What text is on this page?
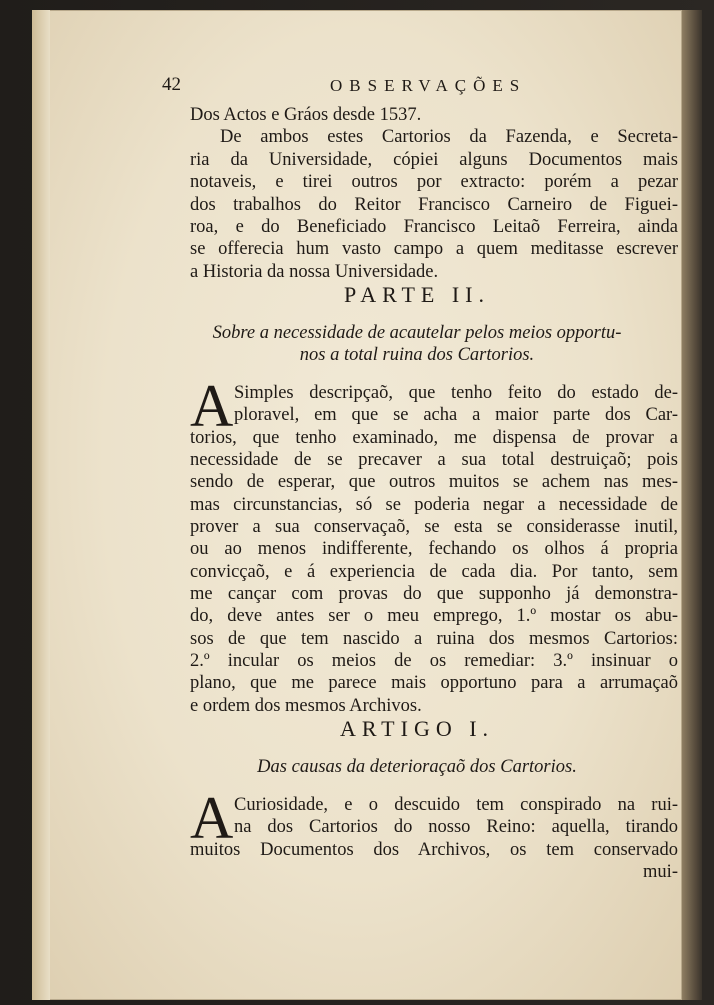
42	OBSERVAÇÕES
Dos Actos e Gráos desde 1537.
De ambos estes Cartorios da Fazenda, e Secreta-
ria da Universidade, cópiei alguns Documentos mais
notaveis, e tirei outros por extracto: porém a pezar
dos trabalhos do Reitor Francisco Carneiro de Figuei-
roa, e do Beneficiado Francisco Leitaõ Ferreira, ainda
se offerecia hum vasto campo a quem meditasse escrever
a Historia da nossa Universidade.
PARTE II.
Sobre a necessidade de acautelar pelos meios opportu-
nos a total ruina dos Cartorios.
A Simples descripçaõ, que tenho feito do estado de-
ploravel, em que se acha a maior parte dos Car-
torios, que tenho examinado, me dispensa de provar a
necessidade de se precaver a sua total destruiçaõ; pois
sendo de esperar, que outros muitos se achem nas mes-
mas circunstancias, só se poderia negar a necessidade de
prover a sua conservaçaõ, se esta se considerasse inutil,
ou ao menos indifferente, fechando os olhos á propria
convicçaõ, e á experiencia de cada dia. Por tanto, sem
me cançar com provas do que supponho já demonstra-
do, deve antes ser o meu emprego, 1.º mostar os abu-
sos de que tem nascido a ruina dos mesmos Cartorios:
2.º incular os meios de os remediar: 3.º insinuar o
plano, que me parece mais opportuno para a arrumaçaõ
e ordem dos mesmos Archivos.
ARTIGO I.
Das causas da deterioraçaõ dos Cartorios.
A Curiosidade, e o descuido tem conspirado na rui-
na dos Cartorios do nosso Reino: aquella, tirando
muitos Documentos dos Archivos, os tem conservado
mui-
